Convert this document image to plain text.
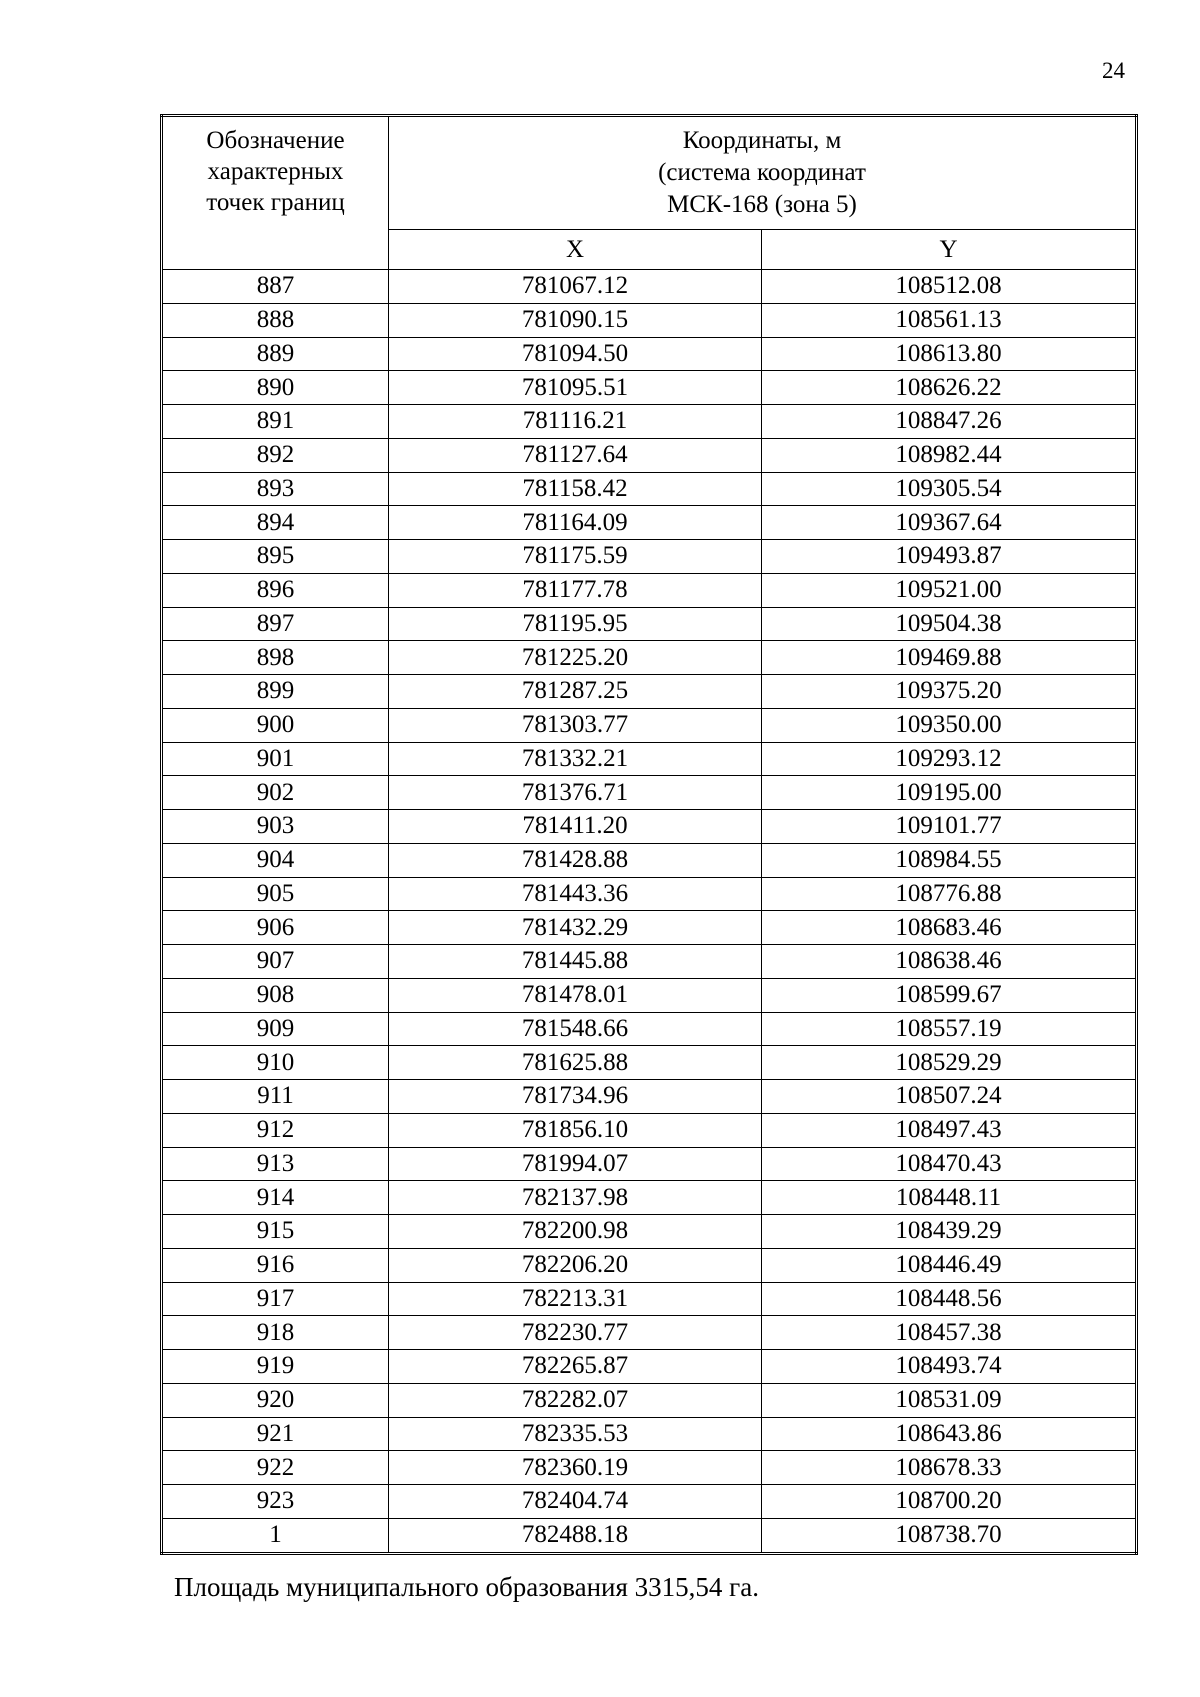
24
Обозначение
характерных
точек границ	Координаты, м
(система координат
МСК-168 (зона 5)	

	X	Y
887	781067.12	108512.08
888	781090.15	108561.13
889	781094.50	108613.80
890	781095.51	108626.22
891	781116.21	108847.26
892	781127.64	108982.44
893	781158.42	109305.54
894	781164.09	109367.64
895	781175.59	109493.87
896	781177.78	109521.00
897	781195.95	109504.38
898	781225.20	109469.88
899	781287.25	109375.20
900	781303.77	109350.00
901	781332.21	109293.12
902	781376.71	109195.00
903	781411.20	109101.77
904	781428.88	108984.55
905	781443.36	108776.88
906	781432.29	108683.46
907	781445.88	108638.46
908	781478.01	108599.67
909	781548.66	108557.19
910	781625.88	108529.29
911	781734.96	108507.24
912	781856.10	108497.43
913	781994.07	108470.43
914	782137.98	108448.11
915	782200.98	108439.29
916	782206.20	108446.49
917	782213.31	108448.56
918	782230.77	108457.38
919	782265.87	108493.74
920	782282.07	108531.09
921	782335.53	108643.86
922	782360.19	108678.33
923	782404.74	108700.20
1	782488.18	108738.70
Площадь муниципального образования 3315,54 га.
